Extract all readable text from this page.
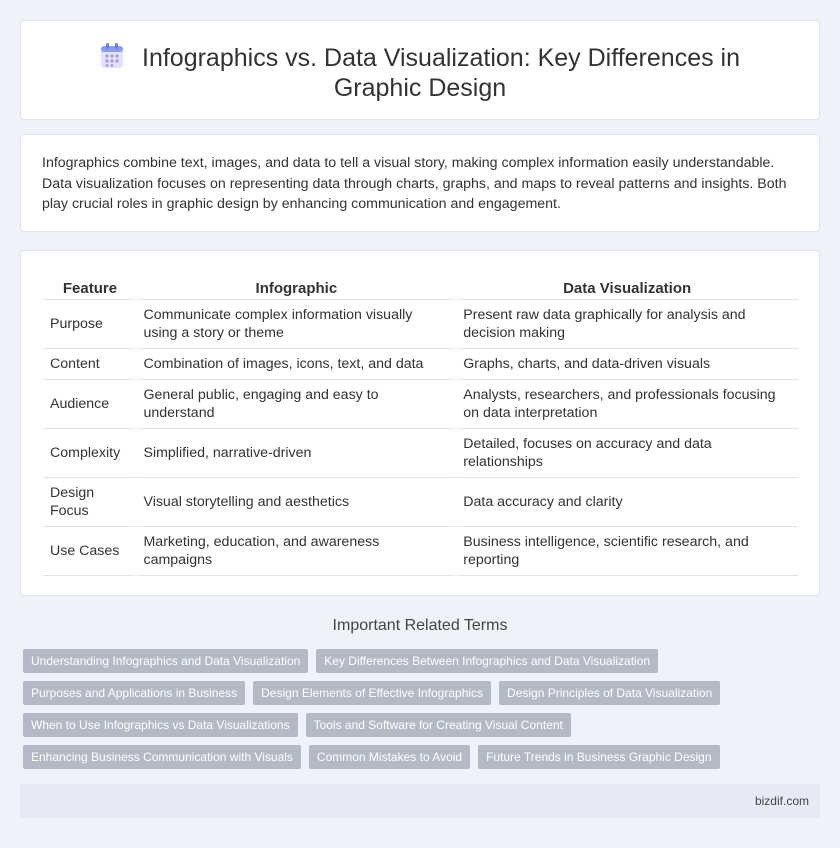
Infographics vs. Data Visualization: Key Differences in Graphic Design

Infographics combine text, images, and data to tell a visual story, making complex information easily understandable. Data visualization focuses on representing data through charts, graphs, and maps to reveal patterns and insights. Both play crucial roles in graphic design by enhancing communication and engagement.

Feature	Infographic	Data Visualization
Purpose	Communicate complex information visually using a story or theme	Present raw data graphically for analysis and decision making
Content	Combination of images, icons, text, and data	Graphs, charts, and data-driven visuals
Audience	General public, engaging and easy to understand	Analysts, researchers, and professionals focusing on data interpretation
Complexity	Simplified, narrative-driven	Detailed, focuses on accuracy and data relationships
Design Focus	Visual storytelling and aesthetics	Data accuracy and clarity
Use Cases	Marketing, education, and awareness campaigns	Business intelligence, scientific research, and reporting
Important Related Terms
Understanding Infographics and Data Visualization	Key Differences Between Infographics and Data Visualization
Purposes and Applications in Business	Design Elements of Effective Infographics	Design Principles of Data Visualization
When to Use Infographics vs Data Visualizations	Tools and Software for Creating Visual Content
Enhancing Business Communication with Visuals	Common Mistakes to Avoid	Future Trends in Business Graphic Design
bizdif.com
